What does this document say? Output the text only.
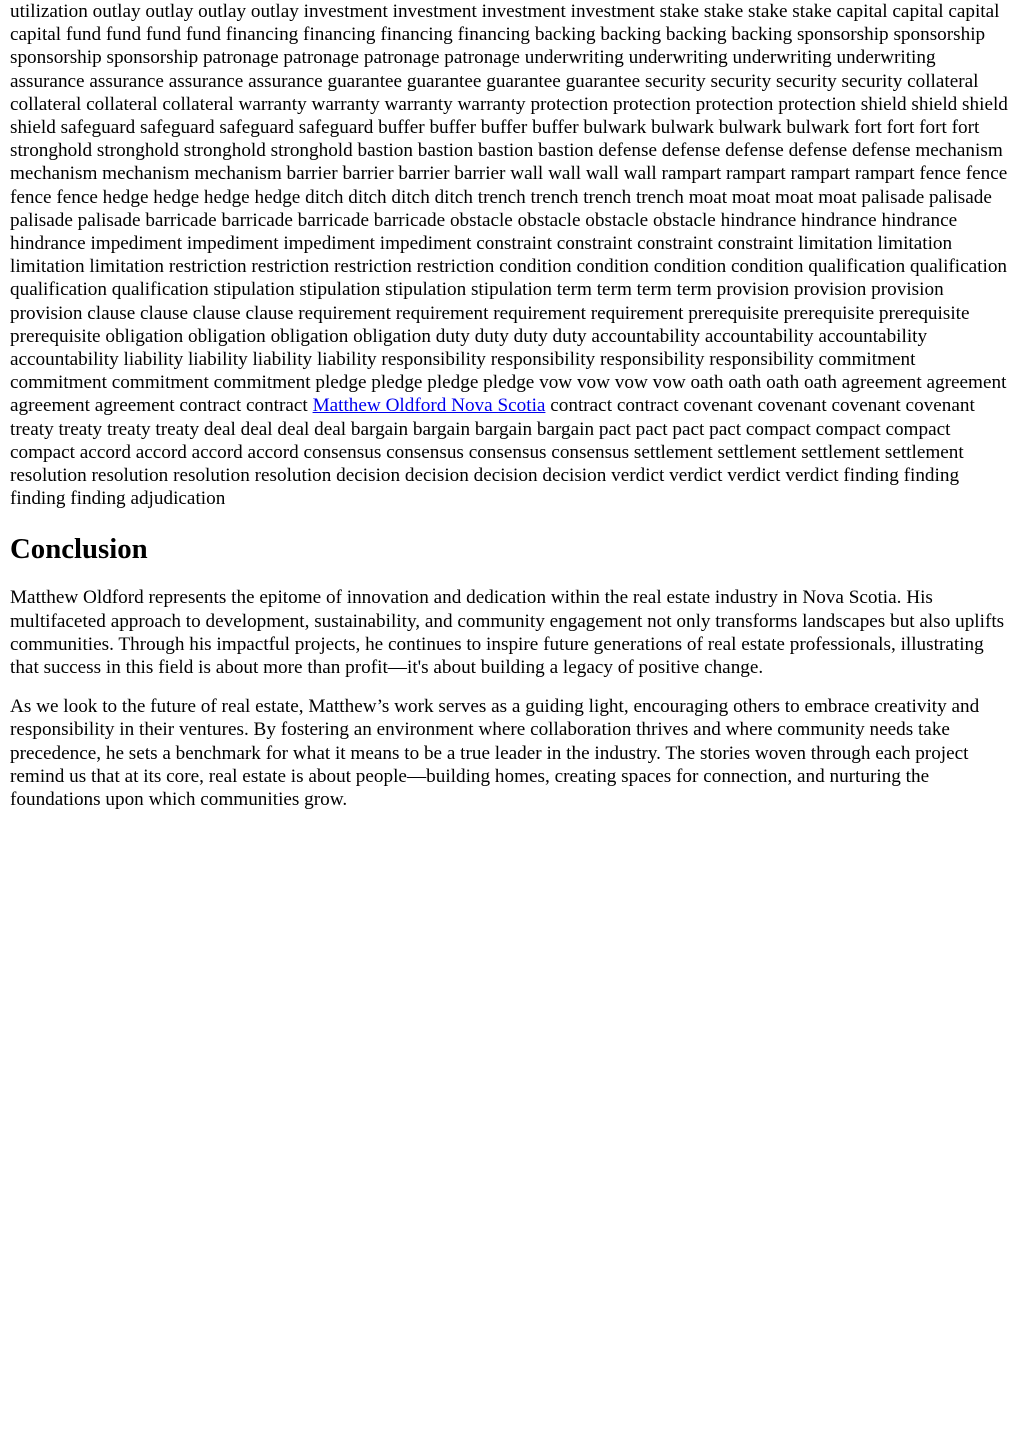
utilization outlay outlay outlay outlay investment investment investment investment stake stake stake stake capital capital capital capital fund fund fund fund financing financing financing financing backing backing backing backing sponsorship sponsorship sponsorship sponsorship patronage patronage patronage patronage underwriting underwriting underwriting underwriting assurance assurance assurance assurance guarantee guarantee guarantee guarantee security security security security collateral collateral collateral collateral warranty warranty warranty warranty protection protection protection protection shield shield shield shield safeguard safeguard safeguard safeguard buffer buffer buffer buffer bulwark bulwark bulwark bulwark fort fort fort fort stronghold stronghold stronghold stronghold bastion bastion bastion bastion defense defense defense defense defense mechanism mechanism mechanism mechanism barrier barrier barrier barrier wall wall wall wall rampart rampart rampart rampart fence fence fence fence hedge hedge hedge hedge ditch ditch ditch ditch trench trench trench trench moat moat moat moat palisade palisade palisade palisade barricade barricade barricade barricade obstacle obstacle obstacle obstacle hindrance hindrance hindrance hindrance impediment impediment impediment impediment constraint constraint constraint constraint limitation limitation limitation limitation restriction restriction restriction restriction condition condition condition condition qualification qualification qualification qualification stipulation stipulation stipulation stipulation term term term term provision provision provision provision clause clause clause clause requirement requirement requirement requirement prerequisite prerequisite prerequisite prerequisite obligation obligation obligation obligation duty duty duty duty accountability accountability accountability accountability liability liability liability liability responsibility responsibility responsibility responsibility commitment commitment commitment commitment pledge pledge pledge pledge vow vow vow vow oath oath oath oath agreement agreement agreement agreement contract contract Matthew Oldford Nova Scotia contract contract covenant covenant covenant covenant treaty treaty treaty treaty deal deal deal deal bargain bargain bargain bargain pact pact pact pact compact compact compact compact accord accord accord accord consensus consensus consensus consensus settlement settlement settlement settlement resolution resolution resolution resolution decision decision decision decision verdict verdict verdict verdict finding finding finding finding adjudication

Conclusion

Matthew Oldford represents the epitome of innovation and dedication within the real estate industry in Nova Scotia. His multifaceted approach to development, sustainability, and community engagement not only transforms landscapes but also uplifts communities. Through his impactful projects, he continues to inspire future generations of real estate professionals, illustrating that success in this field is about more than profit—it's about building a legacy of positive change.

As we look to the future of real estate, Matthew’s work serves as a guiding light, encouraging others to embrace creativity and responsibility in their ventures. By fostering an environment where collaboration thrives and where community needs take precedence, he sets a benchmark for what it means to be a true leader in the industry. The stories woven through each project remind us that at its core, real estate is about people—building homes, creating spaces for connection, and nurturing the foundations upon which communities grow.
